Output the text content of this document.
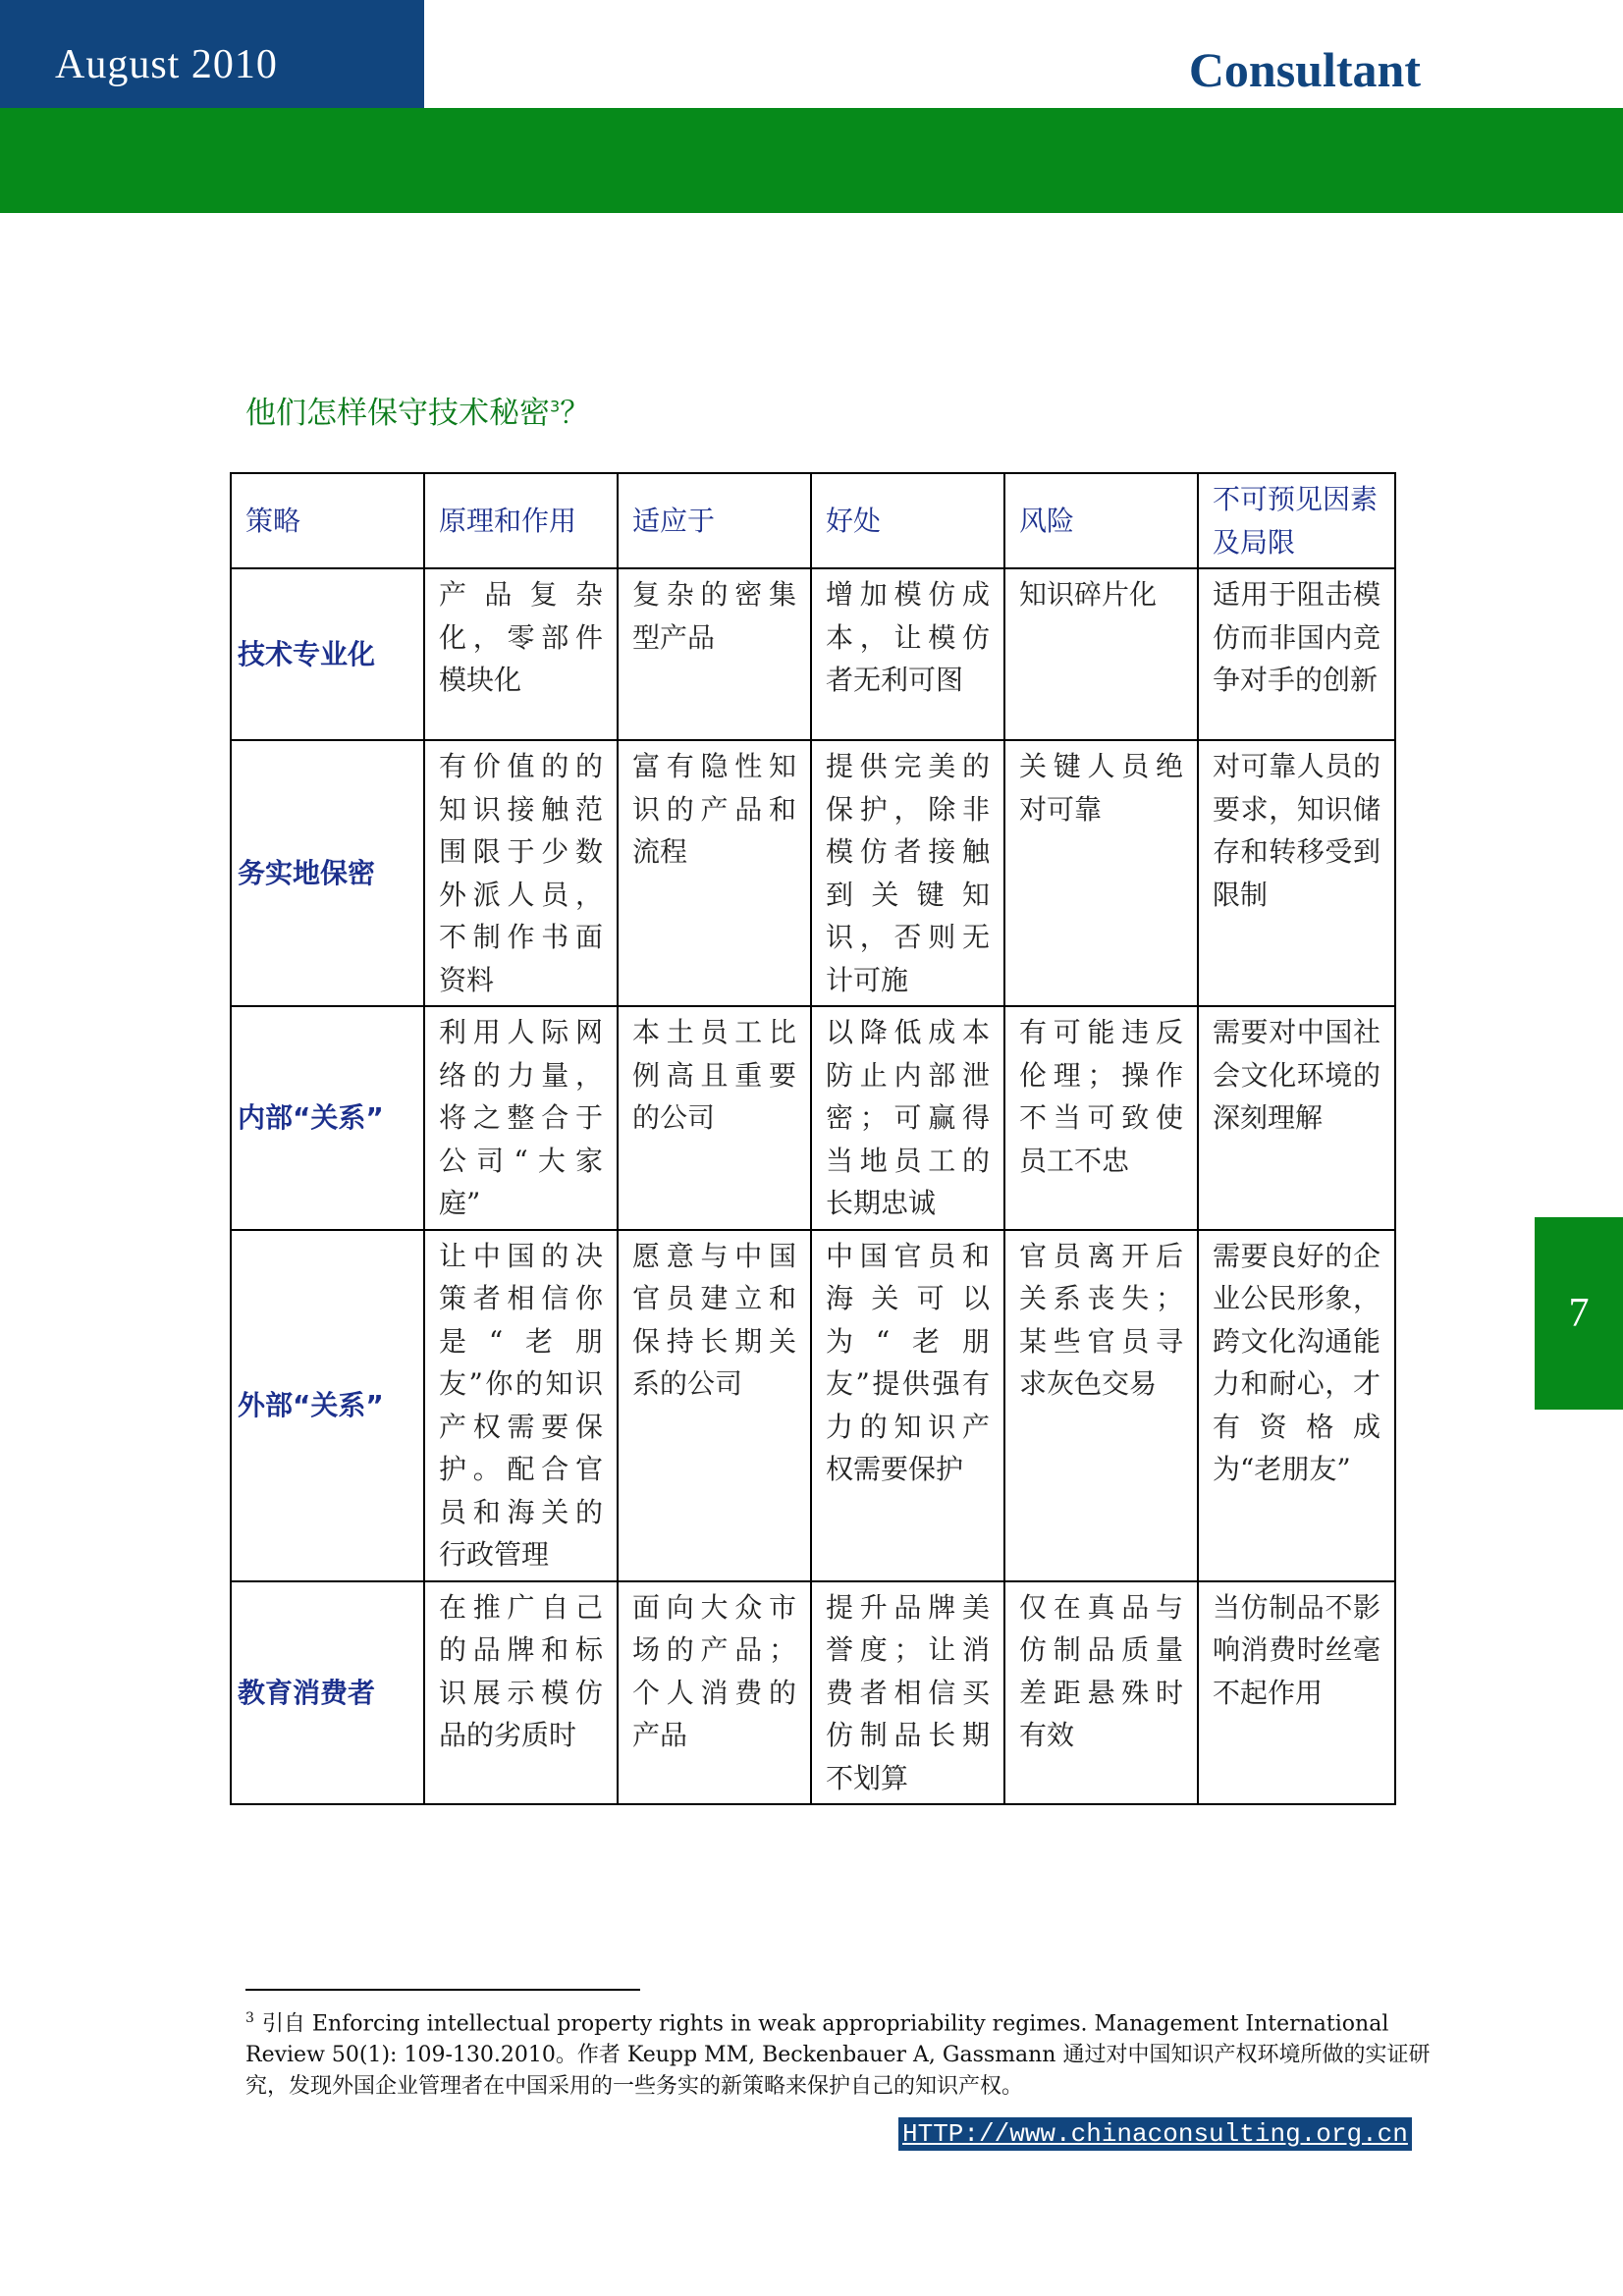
August 2010	Consultant
7
他们怎样保守技术秘密$^3$？
策略	原理和作用	适应于	好处	风险	不可预见因素及局限
技术专业化	产品复杂化，零部件模块化	复杂的密集型产品	增加模仿成本，让模仿者无利可图	知识碎片化	适用于阻击模仿而非国内竞争对手的创新
务实地保密	有价值的的知识接触范围限于少数外派人员，不制作书面资料	富有隐性知识的产品和流程	提供完美的保护，除非模仿者接触到关键知识，否则无计可施	关键人员绝对可靠	对可靠人员的要求，知识储存和转移受到限制
内部“关系”	利用人际网络的力量，将之整合于公司“大家庭”	本土员工比例高且重要的公司	以降低成本防止内部泄密；可赢得当地员工的长期忠诚	有可能违反伦理；操作不当可致使员工不忠	需要对中国社会文化环境的深刻理解
外部“关系”	让中国的决策者相信你是“老朋友”你的知识产权需要保护。配合官员和海关的行政管理	愿意与中国官员建立和保持长期关系的公司	中国官员和海关可以为“老朋友”提供强有力的知识产权需要保护	官员离开后关系丧失；某些官员寻求灰色交易	需要良好的企业公民形象，跨文化沟通能力和耐心，才有资格成为“老朋友”
教育消费者	在推广自己的品牌和标识展示模仿品的劣质时	面向大众市场的产品；个人消费的产品	提升品牌美誉度；让消费者相信买仿制品长期不划算	仅在真品与仿制品质量差距悬殊时有效	当仿制品不影响消费时丝毫不起作用
$^3$ 引自 Enforcing intellectual property rights in weak appropriability regimes. Management International Review 50(1): 109-130.2010。作者 Keupp MM, Beckenbauer A, Gassmann 通过对中国知识产权环境所做的实证研究，发现外国企业管理者在中国采用的一些务实的新策略来保护自己的知识产权。
HTTP://www.chinaconsulting.org.cn
